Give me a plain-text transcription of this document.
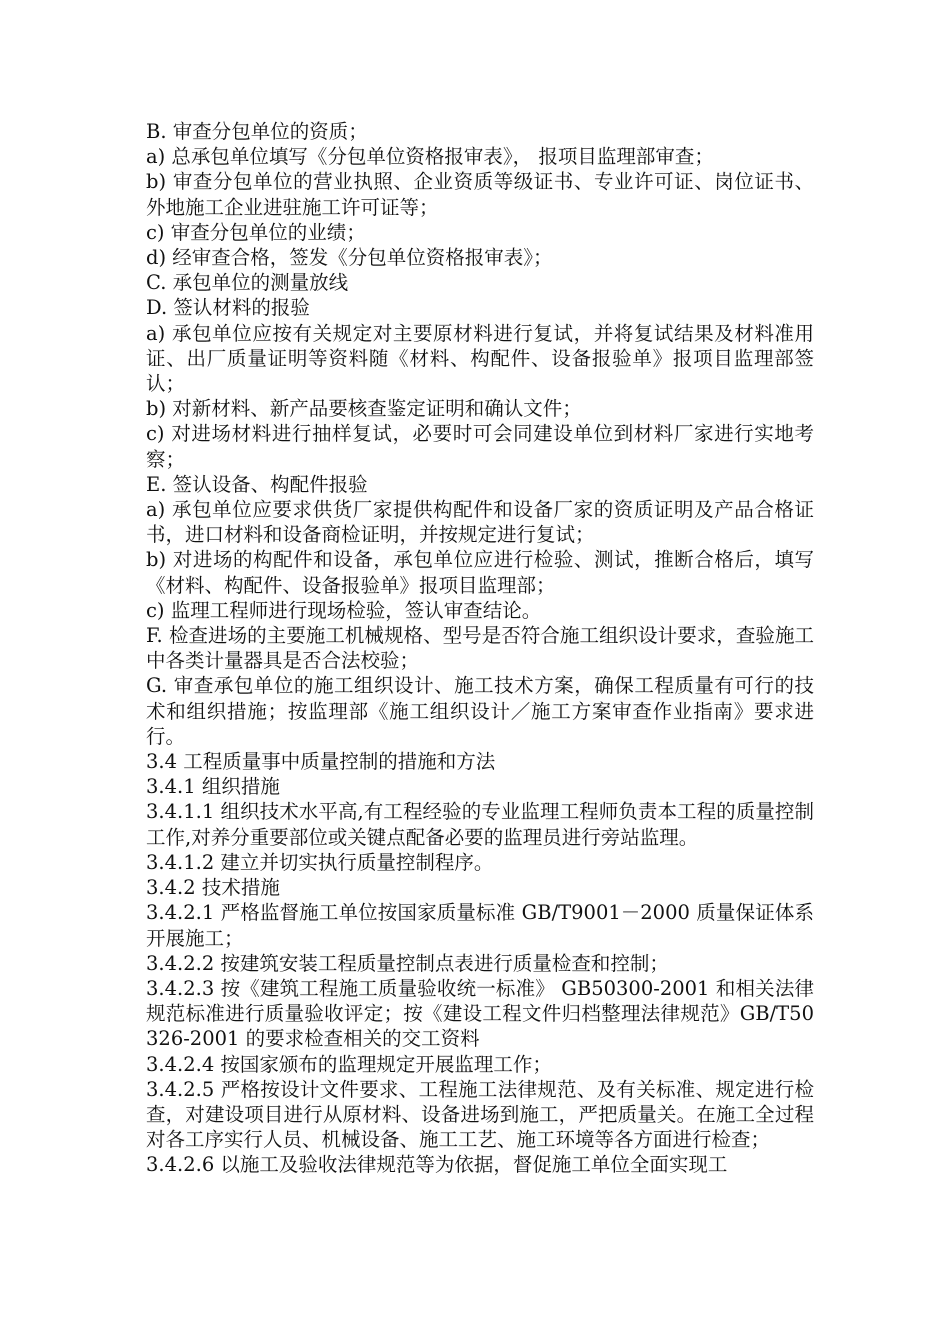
B. 审查分包单位的资质；

a) 总承包单位填写《分包单位资格报审表》， 报项目监理部审查；

b) 审查分包单位的营业执照、企业资质等级证书、专业许可证、岗位证书、外地施工企业进驻施工许可证等；

c) 审查分包单位的业绩；

d) 经审查合格，签发《分包单位资格报审表》；

C. 承包单位的测量放线

D. 签认材料的报验

a) 承包单位应按有关规定对主要原材料进行复试，并将复试结果及材料准用证、出厂质量证明等资料随《材料、构配件、设备报验单》报项目监理部签认；

b) 对新材料、新产品要核查鉴定证明和确认文件；

c) 对进场材料进行抽样复试，必要时可会同建设单位到材料厂家进行实地考察；

E. 签认设备、构配件报验

a) 承包单位应要求供货厂家提供构配件和设备厂家的资质证明及产品合格证书，进口材料和设备商检证明，并按规定进行复试；

b) 对进场的构配件和设备，承包单位应进行检验、测试，推断合格后，填写《材料、构配件、设备报验单》报项目监理部；

c) 监理工程师进行现场检验，签认审查结论。

F. 检查进场的主要施工机械规格、型号是否符合施工组织设计要求，查验施工中各类计量器具是否合法校验；

G. 审查承包单位的施工组织设计、施工技术方案，确保工程质量有可行的技术和组织措施；按监理部《施工组织设计／施工方案审查作业指南》要求进行。

3.4 工程质量事中质量控制的措施和方法

3.4.1 组织措施

3.4.1.1 组织技术水平高,有工程经验的专业监理工程师负责本工程的质量控制工作,对养分重要部位或关键点配备必要的监理员进行旁站监理。

3.4.1.2 建立并切实执行质量控制程序。

3.4.2 技术措施

3.4.2.1 严格监督施工单位按国家质量标准 GB/T9001－2000 质量保证体系开展施工；

3.4.2.2 按建筑安装工程质量控制点表进行质量检查和控制；

3.4.2.3 按《建筑工程施工质量验收统一标准》 GB50300-2001 和相关法律规范标准进行质量验收评定；按《建设工程文件归档整理法律规范》GB/T50326-2001 的要求检查相关的交工资料

3.4.2.4 按国家颁布的监理规定开展监理工作；

3.4.2.5 严格按设计文件要求、工程施工法律规范、及有关标准、规定进行检查，对建设项目进行从原材料、设备进场到施工，严把质量关。在施工全过程对各工序实行人员、机械设备、施工工艺、施工环境等各方面进行检查；

3.4.2.6 以施工及验收法律规范等为依据，督促施工单位全面实现工
